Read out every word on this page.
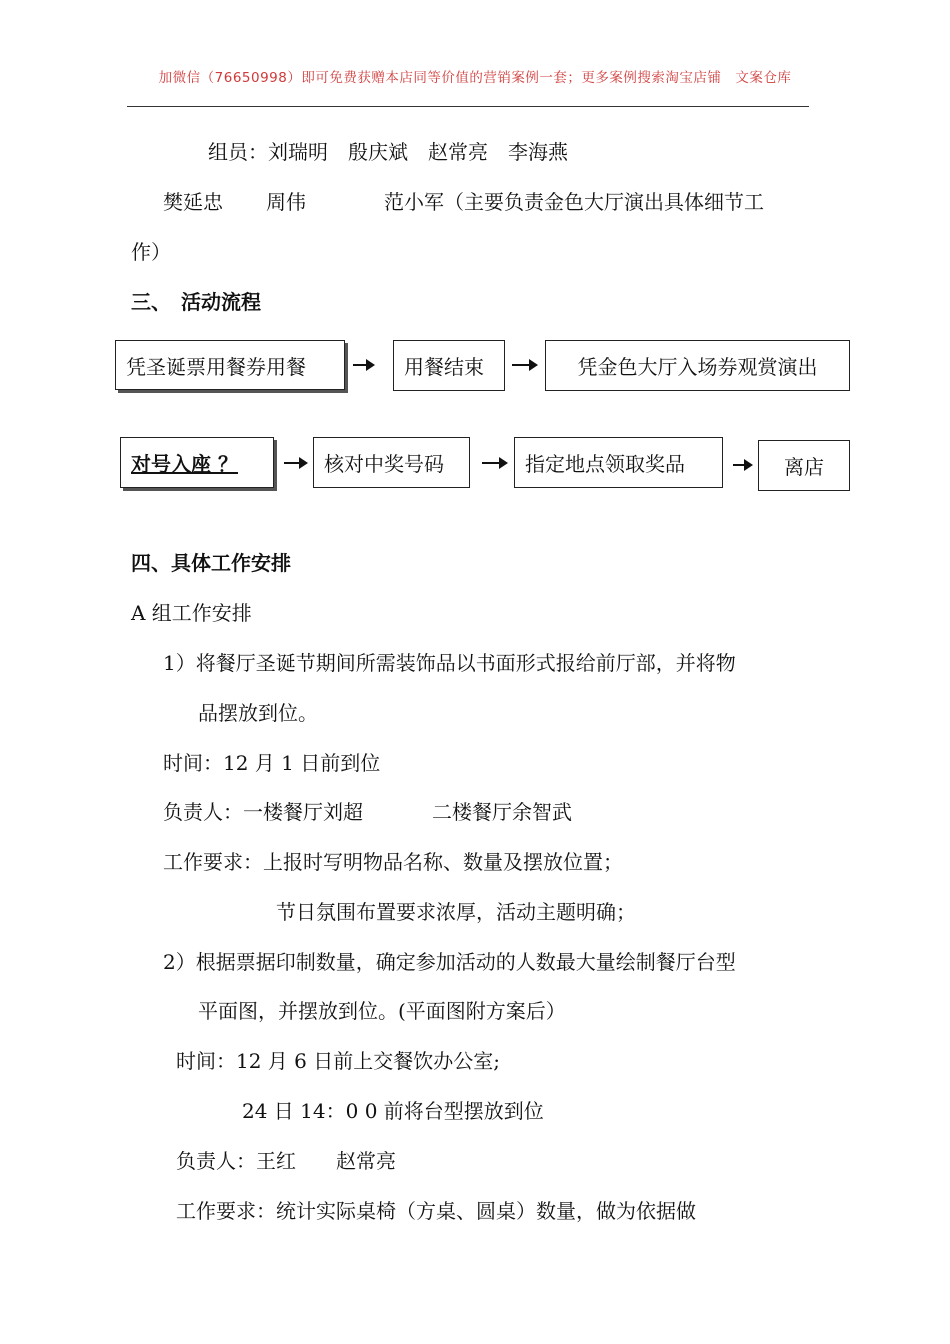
加微信（76650998）即可免费获赠本店同等价值的营销案例一套；更多案例搜索淘宝店铺　文案仓库
组员：刘瑞明　殷庆斌　赵常亮　李海燕
樊延忠 周伟	范小军（主要负责金色大厅演出具体细节工
作）
三、　活动流程
凭圣诞票用餐券用餐	用餐结束	凭金色大厅入场券观赏演出
对号入座 ？	核对中奖号码	指定地点领取奖品	离店
四、具体工作安排
A 组工作安排
1）将餐厅圣诞节期间所需装饰品以书面形式报给前厅部，并将物
品摆放到位。
时间：12 月 1 日前到位
负责人：一楼餐厅刘超	二楼餐厅余智武
工作要求：上报时写明物品名称、数量及摆放位置；
节日氛围布置要求浓厚，活动主题明确；
2）根据票据印制数量，确定参加活动的人数最大量绘制餐厅台型
平面图，并摆放到位。(平面图附方案后）
时间：12 月 6 日前上交餐饮办公室;
24 日 14：0 0 前将台型摆放到位
负责人：王红　　赵常亮
工作要求：统计实际桌椅（方桌、圆桌）数量，做为依据做
